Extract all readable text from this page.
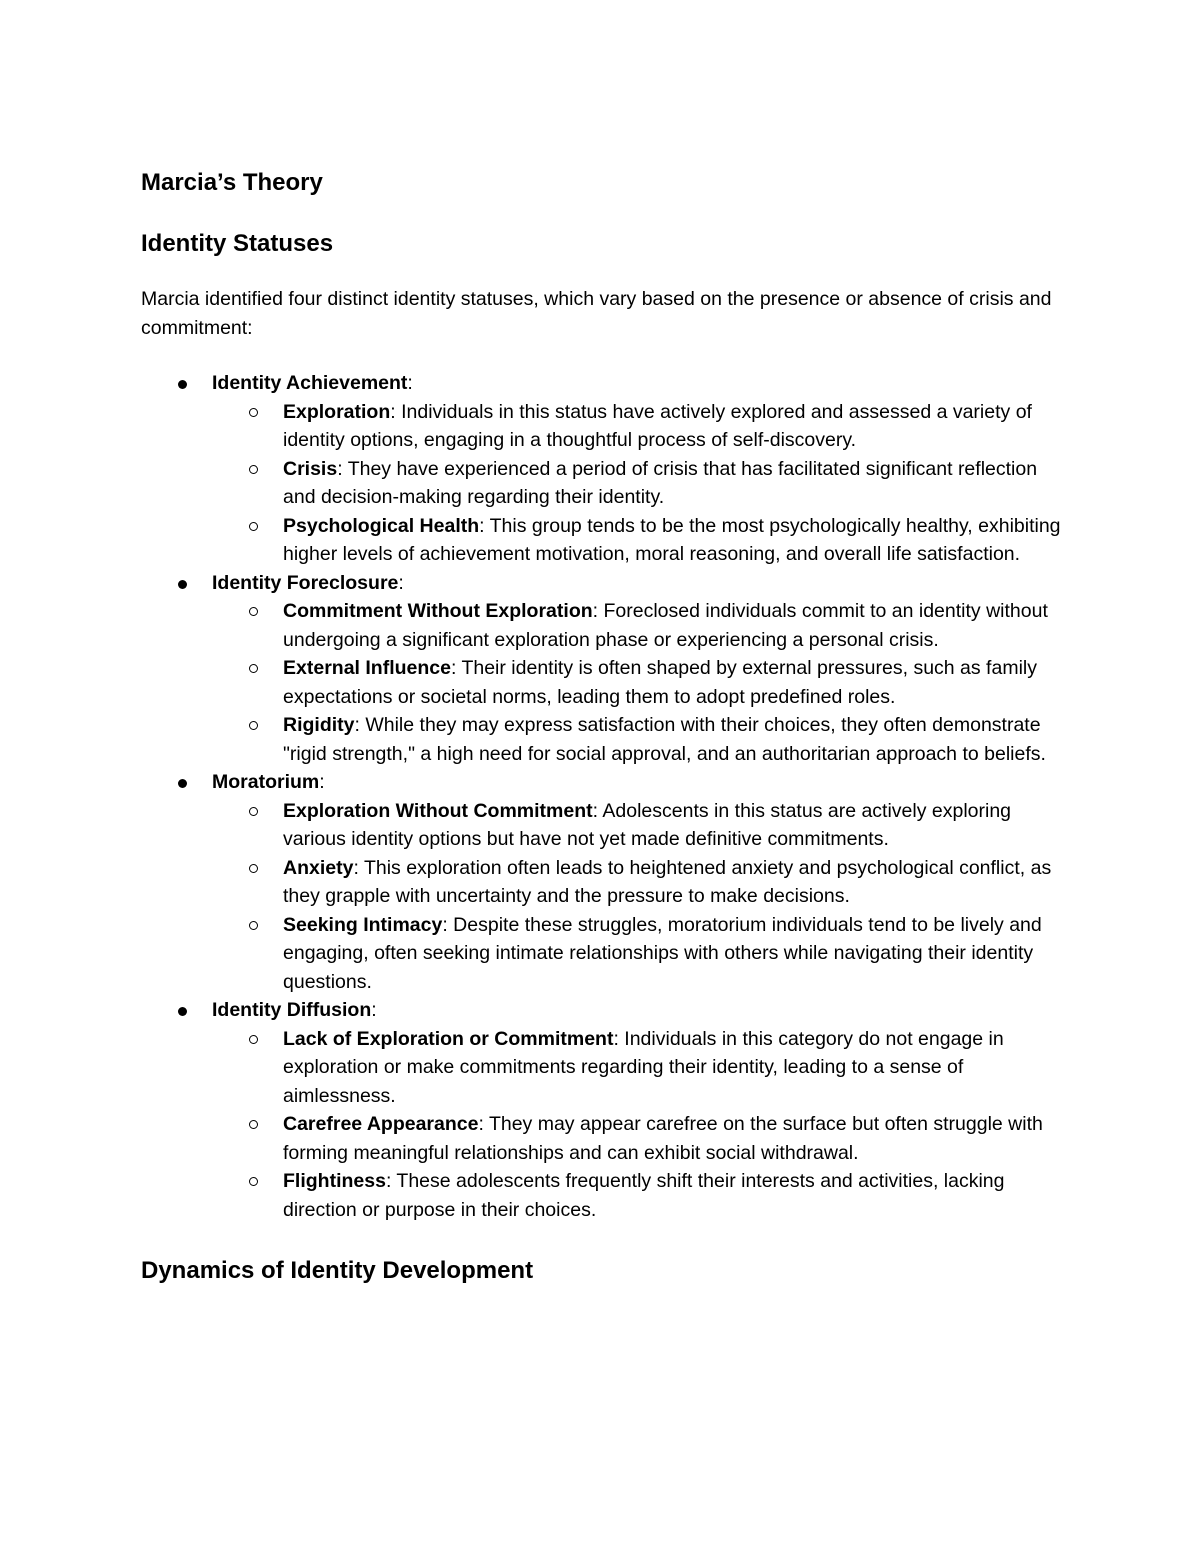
Marcia’s Theory
Identity Statuses

Marcia identified four distinct identity statuses, which vary based on the presence or absence of crisis and commitment:

Identity Achievement:
Exploration: Individuals in this status have actively explored and assessed a variety of identity options, engaging in a thoughtful process of self-discovery.
Crisis: They have experienced a period of crisis that has facilitated significant reflection and decision-making regarding their identity.
Psychological Health: This group tends to be the most psychologically healthy, exhibiting higher levels of achievement motivation, moral reasoning, and overall life satisfaction.
Identity Foreclosure:
Commitment Without Exploration: Foreclosed individuals commit to an identity without undergoing a significant exploration phase or experiencing a personal crisis.
External Influence: Their identity is often shaped by external pressures, such as family expectations or societal norms, leading them to adopt predefined roles.
Rigidity: While they may express satisfaction with their choices, they often demonstrate "rigid strength," a high need for social approval, and an authoritarian approach to beliefs.
Moratorium:
Exploration Without Commitment: Adolescents in this status are actively exploring various identity options but have not yet made definitive commitments.
Anxiety: This exploration often leads to heightened anxiety and psychological conflict, as they grapple with uncertainty and the pressure to make decisions.
Seeking Intimacy: Despite these struggles, moratorium individuals tend to be lively and engaging, often seeking intimate relationships with others while navigating their identity questions.
Identity Diffusion:
Lack of Exploration or Commitment: Individuals in this category do not engage in exploration or make commitments regarding their identity, leading to a sense of aimlessness.
Carefree Appearance: They may appear carefree on the surface but often struggle with forming meaningful relationships and can exhibit social withdrawal.
Flightiness: These adolescents frequently shift their interests and activities, lacking direction or purpose in their choices.
Dynamics of Identity Development
